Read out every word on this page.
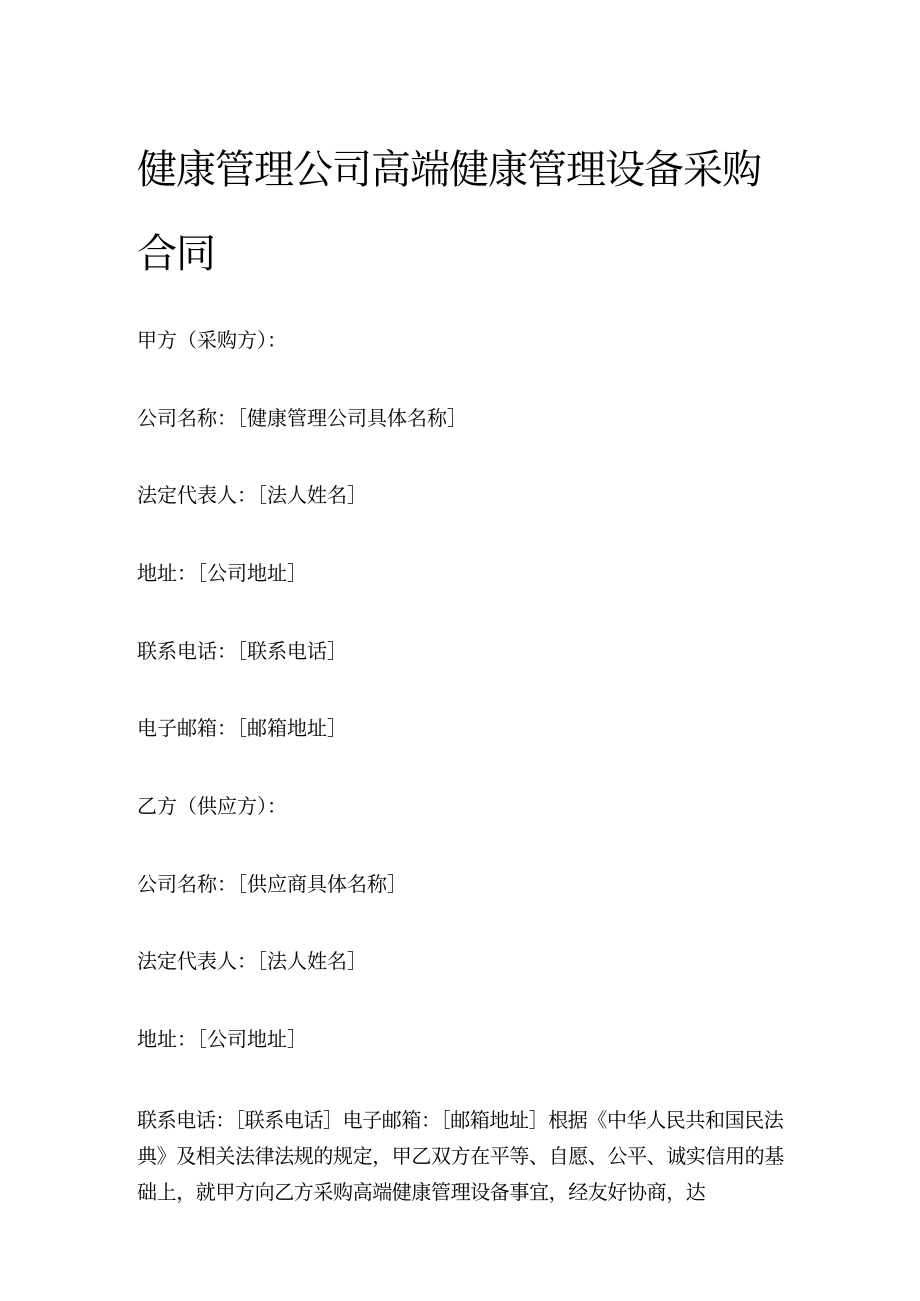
健康管理公司高端健康管理设备采购合同

甲方（采购方）：

公司名称：［健康管理公司具体名称］

法定代表人：［法人姓名］

地址：［公司地址］

联系电话：［联系电话］

电子邮箱：［邮箱地址］

乙方（供应方）：

公司名称：［供应商具体名称］

法定代表人：［法人姓名］

地址：［公司地址］

联系电话：［联系电话］电子邮箱：［邮箱地址］根据《中华人民共和国民法典》及相关法律法规的规定，甲乙双方在平等、自愿、公平、诚实信用的基础上，就甲方向乙方采购高端健康管理设备事宜，经友好协商，达
